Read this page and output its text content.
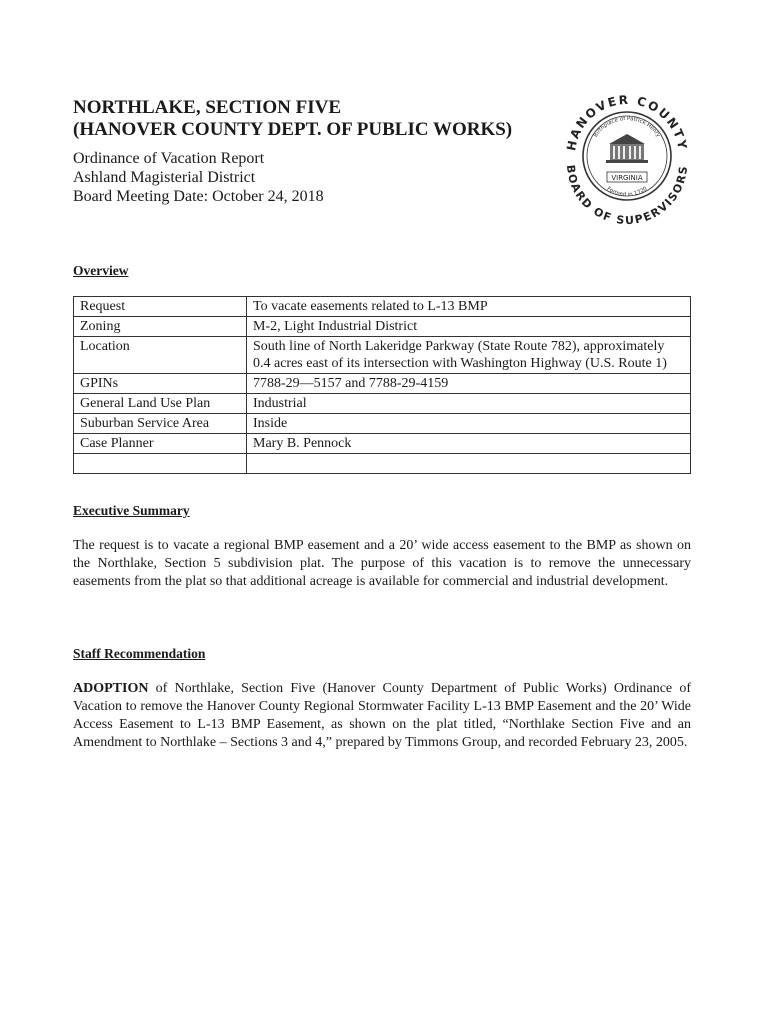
NORTHLAKE, SECTION FIVE

(HANOVER COUNTY DEPT. OF PUBLIC WORKS)

Ordinance of Vacation Report

Ashland Magisterial District

Board Meeting Date: October 24, 2018

HANOVER COUNTY
BOARD OF SUPERVISORS
Birthplace of Patrick Henry
Formed in 1720
VIRGINIA
Overview
Request	To vacate easements related to L-13 BMP
Zoning	M-2, Light Industrial District
Location	South line of North Lakeridge Parkway (State Route 782), approximately 0.4 acres east of its intersection with Washington Highway (U.S. Route 1)
GPINs	7788-29—5157 and 7788-29-4159
General Land Use Plan	Industrial
Suburban Service Area	Inside
Case Planner	Mary B. Pennock

Executive Summary

The request is to vacate a regional BMP easement and a 20’ wide access easement to the BMP as shown on the Northlake, Section 5 subdivision plat. The purpose of this vacation is to remove the unnecessary easements from the plat so that additional acreage is available for commercial and industrial development.

Staff Recommendation

ADOPTION of Northlake, Section Five (Hanover County Department of Public Works) Ordinance of Vacation to remove the Hanover County Regional Stormwater Facility L-13 BMP Easement and the 20’ Wide Access Easement to L-13 BMP Easement, as shown on the plat titled, “Northlake Section Five and an Amendment to Northlake – Sections 3 and 4,” prepared by Timmons Group, and recorded February 23, 2005.
